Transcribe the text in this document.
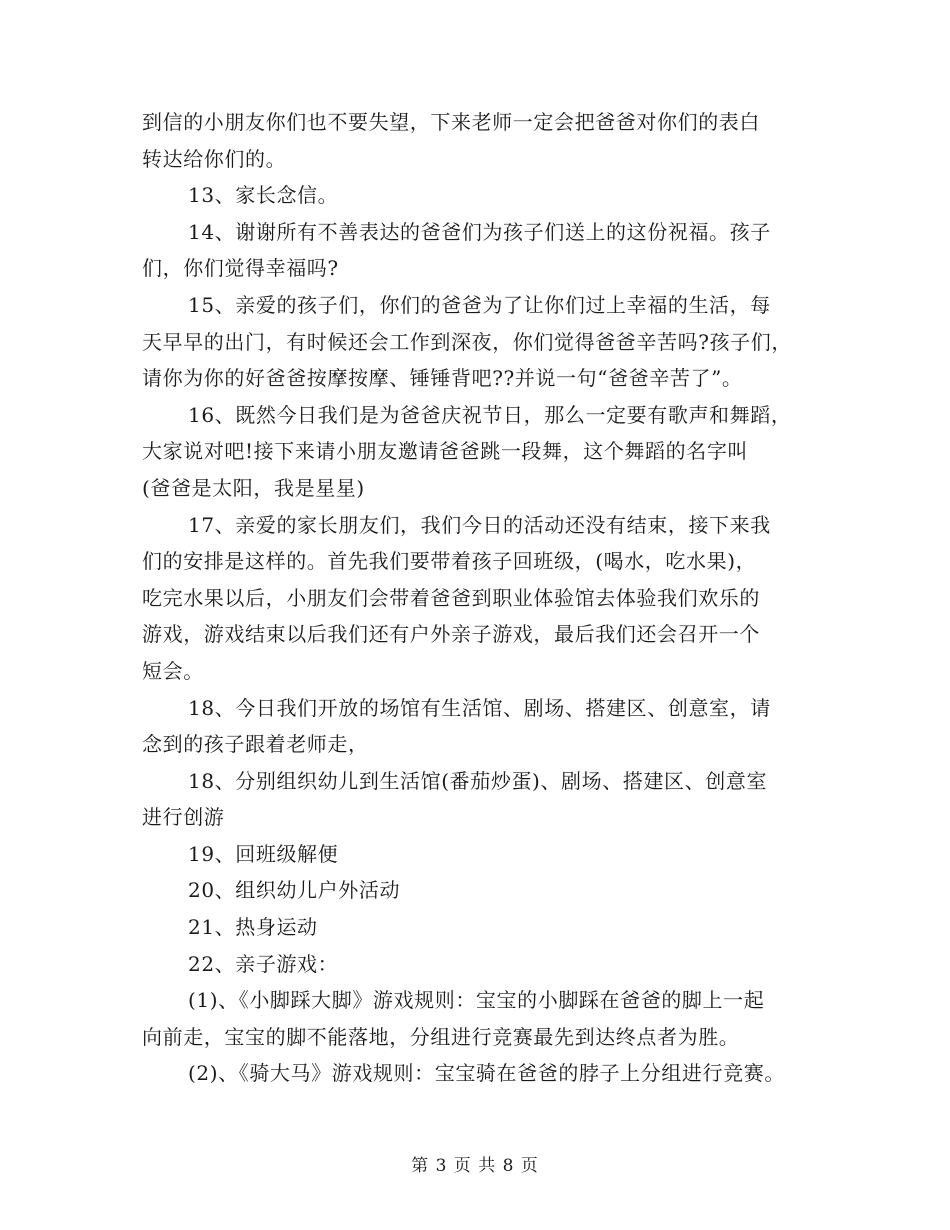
到信的小朋友你们也不要失望，下来老师一定会把爸爸对你们的表白
转达给你们的。
13、家长念信。
14、谢谢所有不善表达的爸爸们为孩子们送上的这份祝福。孩子
们，你们觉得幸福吗?
15、亲爱的孩子们，你们的爸爸为了让你们过上幸福的生活，每
天早早的出门，有时候还会工作到深夜，你们觉得爸爸辛苦吗?孩子们，
请你为你的好爸爸按摩按摩、锤锤背吧??并说一句“爸爸辛苦了”。
16、既然今日我们是为爸爸庆祝节日，那么一定要有歌声和舞蹈，
大家说对吧!接下来请小朋友邀请爸爸跳一段舞，这个舞蹈的名字叫
(爸爸是太阳，我是星星)
17、亲爱的家长朋友们，我们今日的活动还没有结束，接下来我
们的安排是这样的。首先我们要带着孩子回班级，(喝水，吃水果)，
吃完水果以后，小朋友们会带着爸爸到职业体验馆去体验我们欢乐的
游戏，游戏结束以后我们还有户外亲子游戏，最后我们还会召开一个
短会。
18、今日我们开放的场馆有生活馆、剧场、搭建区、创意室，请
念到的孩子跟着老师走，
18、分别组织幼儿到生活馆(番茄炒蛋)、剧场、搭建区、创意室
进行创游
19、回班级解便
20、组织幼儿户外活动
21、热身运动
22、亲子游戏：
(1)、《小脚踩大脚》游戏规则：宝宝的小脚踩在爸爸的脚上一起
向前走，宝宝的脚不能落地，分组进行竞赛最先到达终点者为胜。
(2)、《骑大马》游戏规则：宝宝骑在爸爸的脖子上分组进行竞赛。
第 3 页 共 8 页
